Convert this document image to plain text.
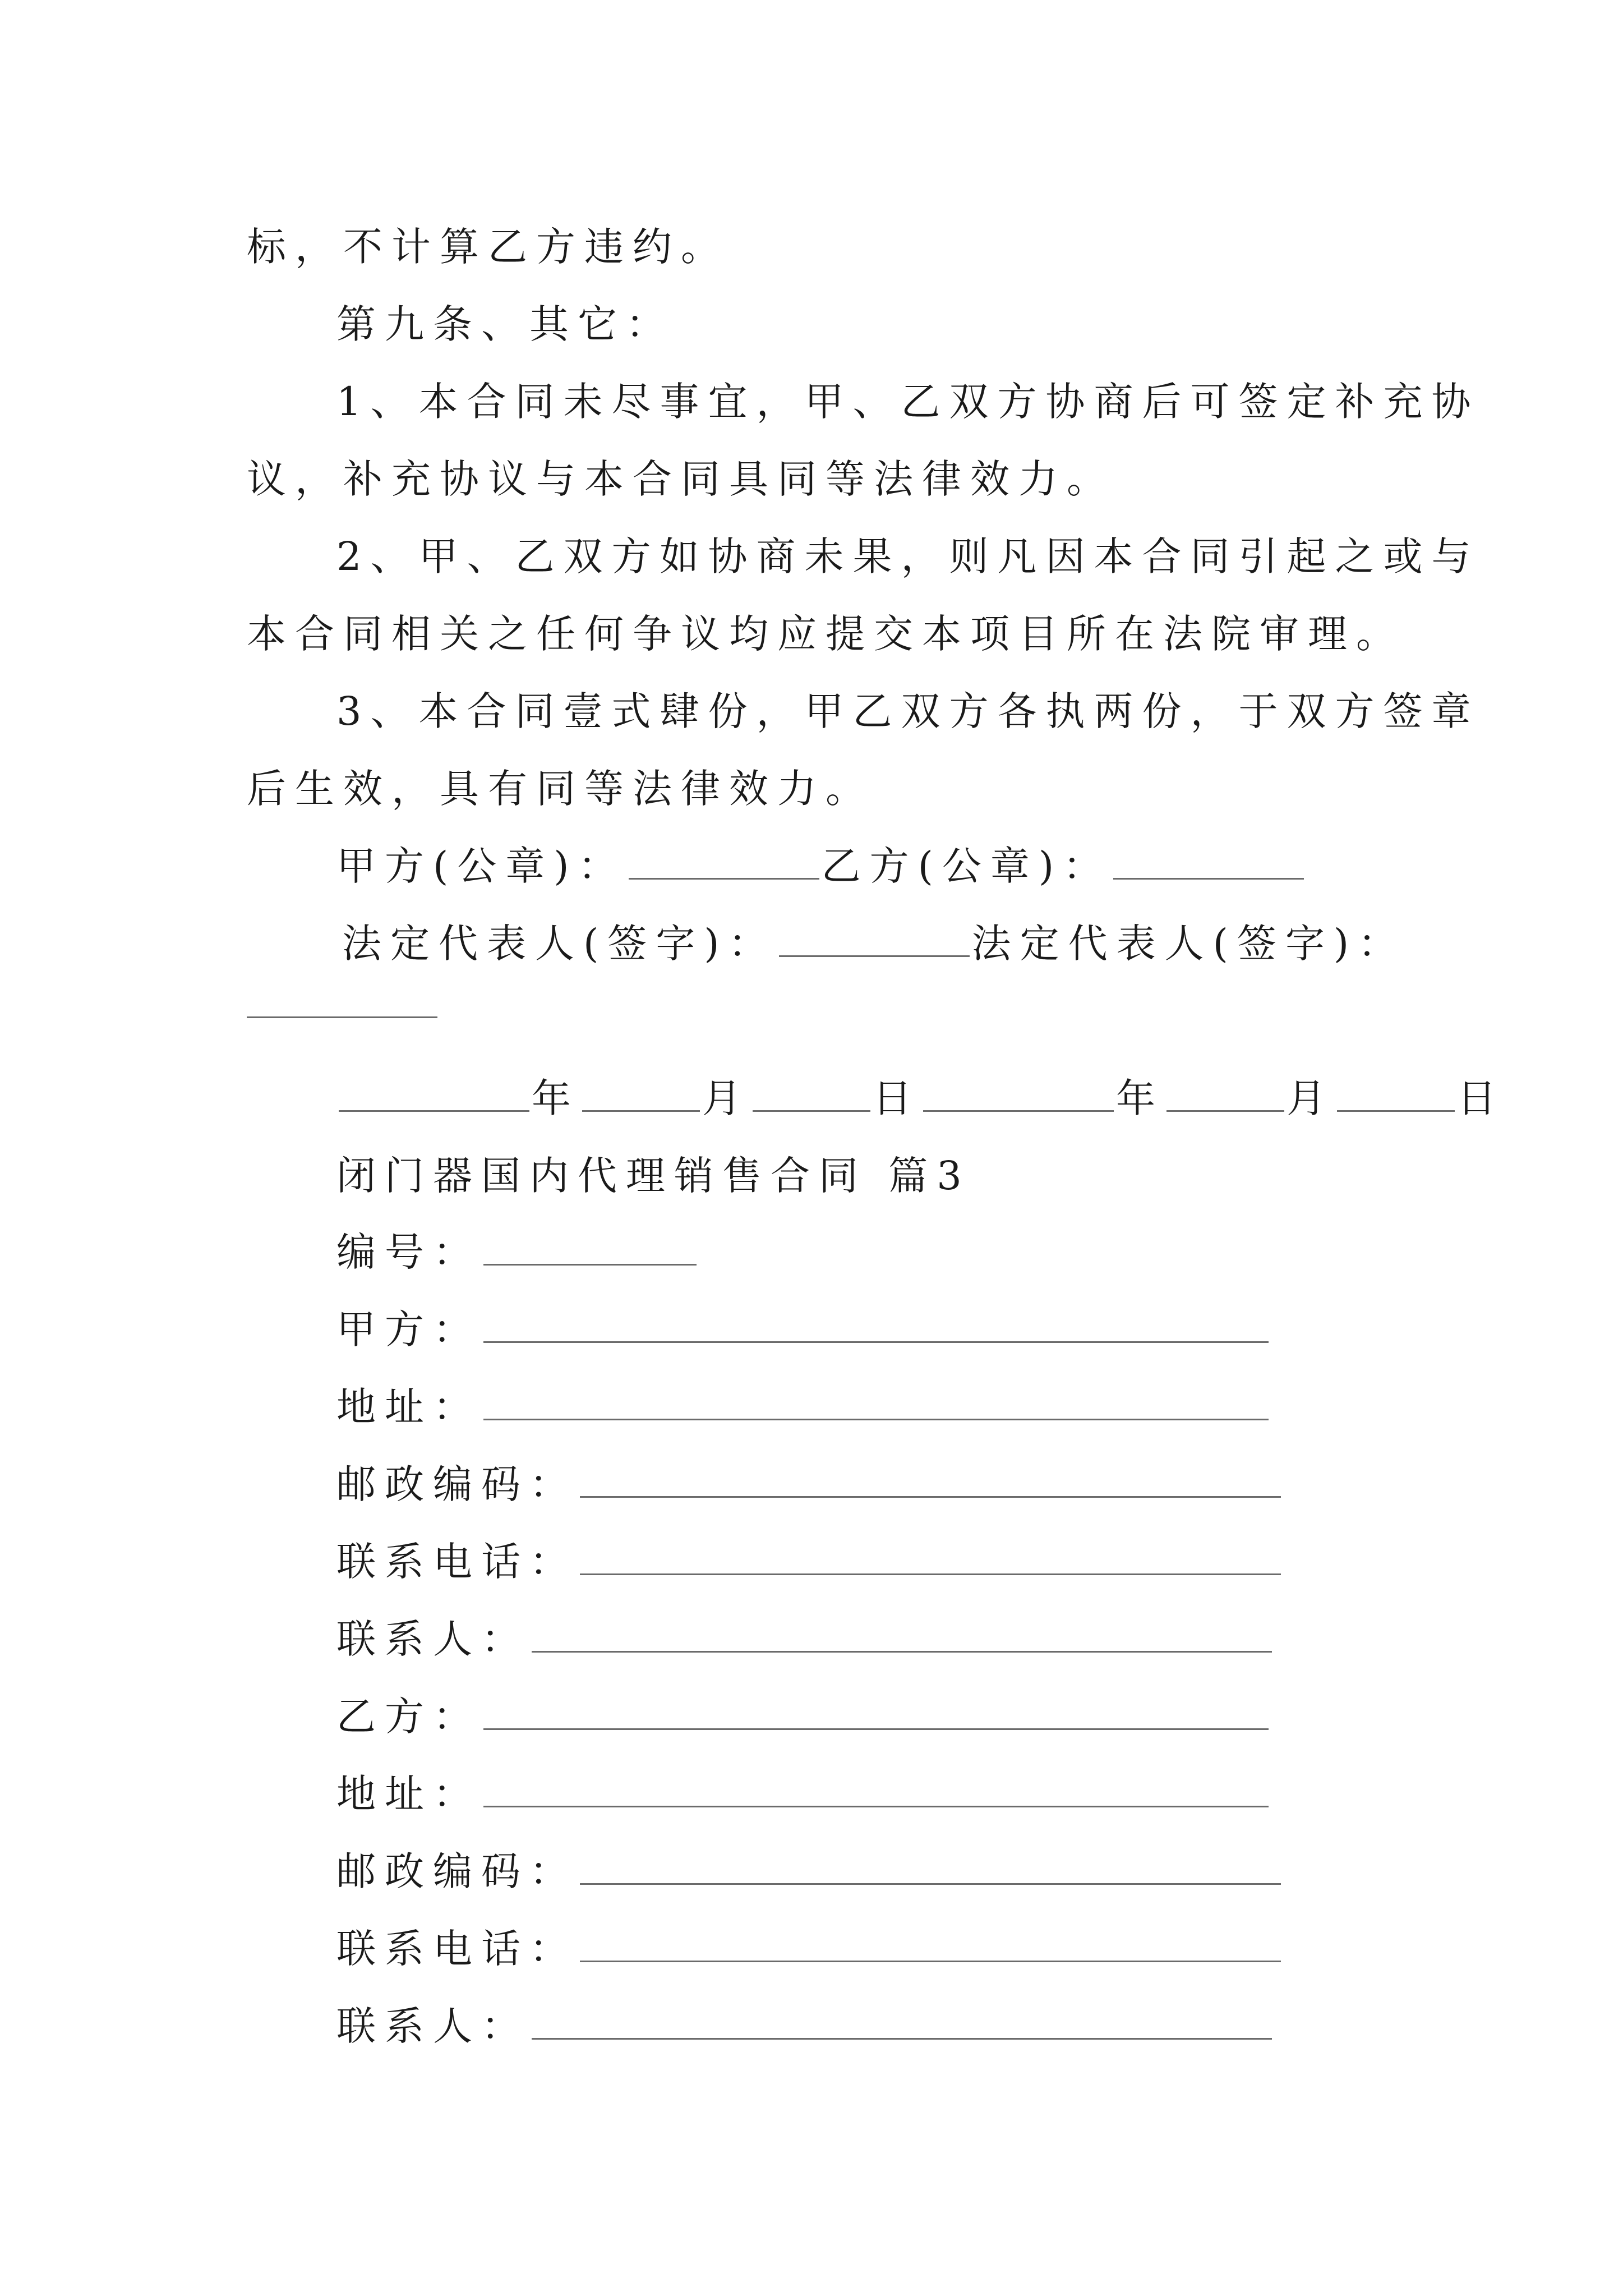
标，不计算乙方违约。
第九条、其它：
1、本合同未尽事宜，甲、乙双方协商后可签定补充协
议，补充协议与本合同具同等法律效力。
2、甲、乙双方如协商未果，则凡因本合同引起之或与
本合同相关之任何争议均应提交本项目所在法院审理。
3、本合同壹式肆份，甲乙双方各执两份，于双方签章
后生效，具有同等法律效力。
甲方(公章)：	乙方(公章)：
法定代表人(签字)：	法定代表人(签字)：
年	月	日	年	月	日
闭门器国内代理销售合同 篇3
编号：
甲方：
地址：
邮政编码：
联系电话：
联系人：
乙方：
地址：
邮政编码：
联系电话：
联系人：
